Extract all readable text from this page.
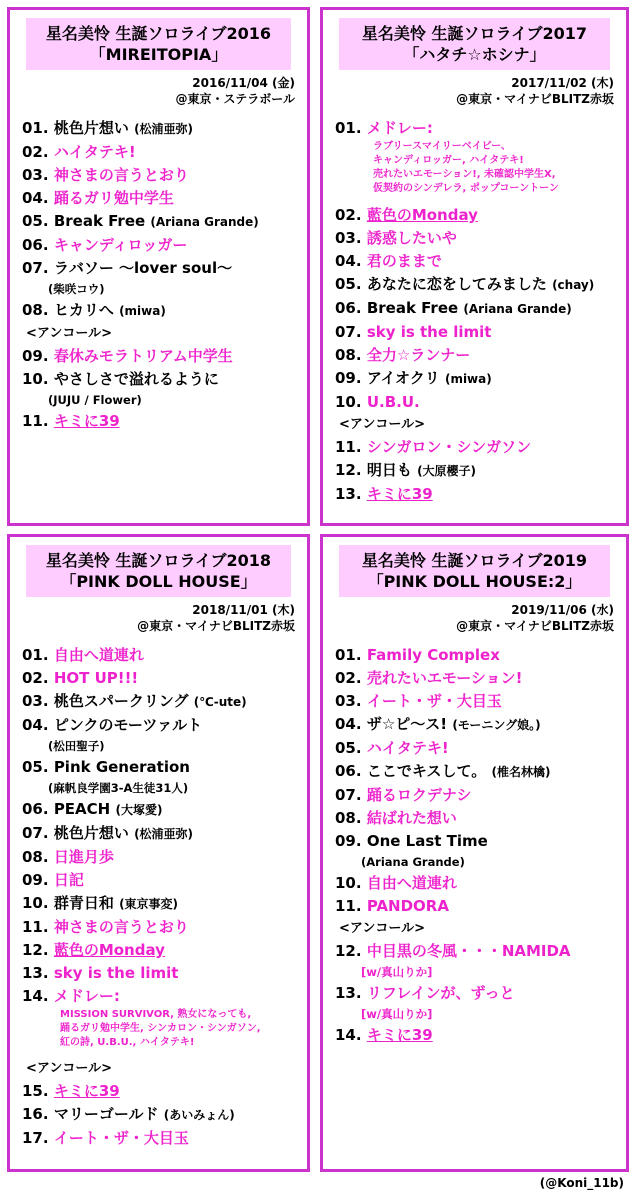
星名美怜 生誕ソロライブ2016
「MIREITOPIA」
2016/11/04 (金)
@東京・ステラボール
01. 桃色片想い (松浦亜弥)
02. ハイタテキ!
03. 神さまの言うとおり
04. 踊るガリ勉中学生
05. Break Free (Ariana Grande)
06. キャンディロッガー
07. ラバソー ～lover soul～
(柴咲コウ)
08. ヒカリへ (miwa)
<アンコール>
09. 春休みモラトリアム中学生
10. やさしさで溢れるように
(JUJU / Flower)
11. キミに39
星名美怜 生誕ソロライブ2017
「ハタチ☆ホシナ」
2017/11/02 (木)
@東京・マイナビBLITZ赤坂
01. メドレー:
ラブリースマイリーベイビー、
キャンディロッガー, ハイタテキ!
売れたいエモーション!, 未確認中学生X,
仮契約のシンデレラ, ポップコーントーン
02. 藍色のMonday
03. 誘惑したいや
04. 君のままで
05. あなたに恋をしてみました (chay)
06. Break Free (Ariana Grande)
07. sky is the limit
08. 全力☆ランナー
09. アイオクリ (miwa)
10. U.B.U.
<アンコール>
11. シンガロン・シンガソン
12. 明日も (大原櫻子)
13. キミに39
星名美怜 生誕ソロライブ2018
「PINK DOLL HOUSE」
2018/11/01 (木)
@東京・マイナビBLITZ赤坂
01. 自由へ道連れ
02. HOT UP!!!
03. 桃色スパークリング (℃-ute)
04. ピンクのモーツァルト
(松田聖子)
05. Pink Generation
(麻帆良学園3-A生徒31人)
06. PEACH (大塚愛)
07. 桃色片想い (松浦亜弥)
08. 日進月歩
09. 日記
10. 群青日和 (東京事変)
11. 神さまの言うとおり
12. 藍色のMonday
13. sky is the limit
14. メドレー:
MISSION SURVIVOR, 熟女になっても,
踊るガリ勉中学生, シンカロン・シンガソン,
紅の詩, U.B.U., ハイタテキ!
<アンコール>
15. キミに39
16. マリーゴールド (あいみょん)
17. イート・ザ・大目玉
星名美怜 生誕ソロライブ2019
「PINK DOLL HOUSE:2」
2019/11/06 (水)
@東京・マイナビBLITZ赤坂
01. Family Complex
02. 売れたいエモーション!
03. イート・ザ・大目玉
04. ザ☆ピ～ス! (モーニング娘。)
05. ハイタテキ!
06. ここでキスして。 (椎名林檎)
07. 踊るロクデナシ
08. 結ばれた想い
09. One Last Time
(Ariana Grande)
10. 自由へ道連れ
11. PANDORA
<アンコール>
12. 中目黒の冬風・・・NAMIDA
[w/真山りか]
13. リフレインが、ずっと
[w/真山りか]
14. キミに39
(@Koni_11b)
